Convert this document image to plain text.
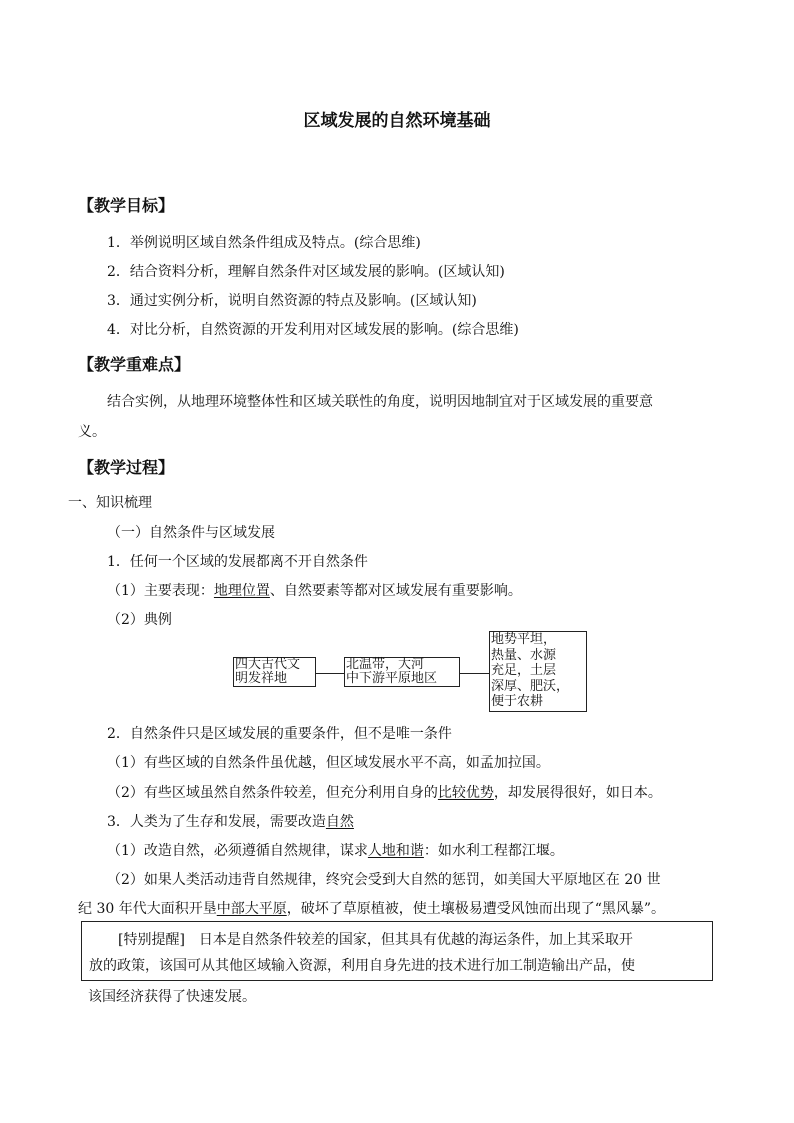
区域发展的自然环境基础
【教学目标】
1．举例说明区域自然条件组成及特点。(综合思维)
2．结合资料分析，理解自然条件对区域发展的影响。(区域认知)
3．通过实例分析，说明自然资源的特点及影响。(区域认知)
4．对比分析，自然资源的开发利用对区域发展的影响。(综合思维)
【教学重难点】
结合实例，从地理环境整体性和区域关联性的角度，说明因地制宜对于区域发展的重要意
义。
【教学过程】
一、知识梳理
（一）自然条件与区域发展
1．任何一个区域的发展都离不开自然条件
（1）主要表现：地理位置、自然要素等都对区域发展有重要影响。
（2）典例
四大古代文
明发祥地
北温带，大河
中下游平原地区
地势平坦，
热量、水源
充足，土层
深厚、肥沃，
便于农耕
2．自然条件只是区域发展的重要条件，但不是唯一条件
（1）有些区域的自然条件虽优越，但区域发展水平不高，如孟加拉国。
（2）有些区域虽然自然条件较差，但充分利用自身的比较优势，却发展得很好，如日本。
3．人类为了生存和发展，需要改造自然
（1）改造自然，必须遵循自然规律，谋求人地和谐：如水利工程都江堰。
（2）如果人类活动违背自然规律，终究会受到大自然的惩罚，如美国大平原地区在 20 世
纪 30 年代大面积开垦中部大平原，破坏了草原植被，使土壤极易遭受风蚀而出现了“黑风暴”。
[特别提醒]　日本是自然条件较差的国家，但其具有优越的海运条件，加上其采取开
放的政策，该国可从其他区域输入资源，利用自身先进的技术进行加工制造输出产品，使
该国经济获得了快速发展。
